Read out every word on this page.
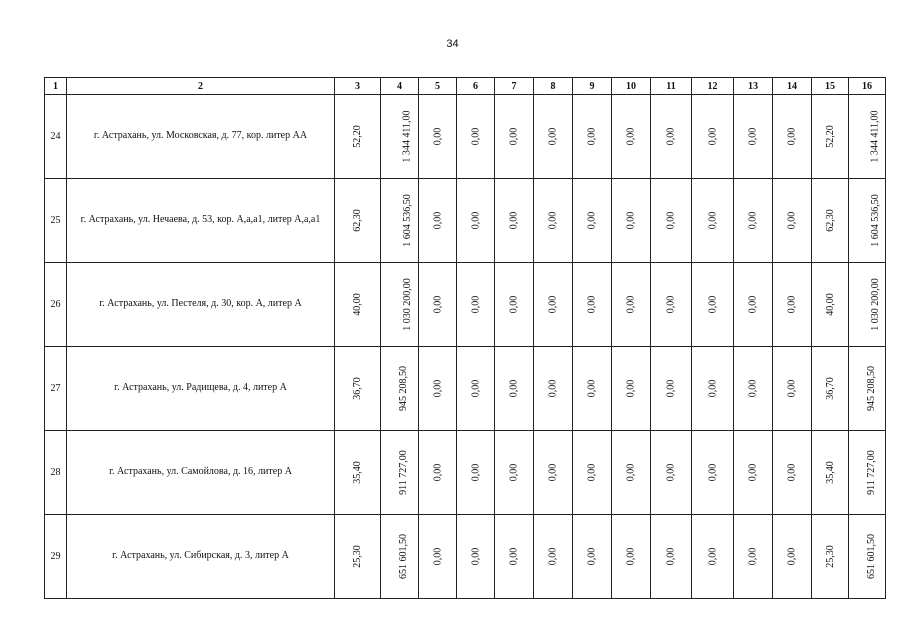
34
1	2	3	4	5	6	7	8	9	10	11	12	13	14	15	16
24	г. Астрахань, ул. Московская, д. 77, кор. литер АА	52,20	1 344 411,00	0,00	0,00	0,00	0,00	0,00	0,00	0,00	0,00	0,00	0,00	52,20	1 344 411,00
25	г. Астрахань, ул. Нечаева, д. 53, кор. А,а,а1, литер А,а,а1	62,30	1 604 536,50	0,00	0,00	0,00	0,00	0,00	0,00	0,00	0,00	0,00	0,00	62,30	1 604 536,50
26	г. Астрахань, ул. Пестеля, д. 30, кор. А, литер А	40,00	1 030 200,00	0,00	0,00	0,00	0,00	0,00	0,00	0,00	0,00	0,00	0,00	40,00	1 030 200,00
27	г. Астрахань, ул. Радищева, д. 4, литер А	36,70	945 208,50	0,00	0,00	0,00	0,00	0,00	0,00	0,00	0,00	0,00	0,00	36,70	945 208,50
28	г. Астрахань, ул. Самойлова, д. 16, литер А	35,40	911 727,00	0,00	0,00	0,00	0,00	0,00	0,00	0,00	0,00	0,00	0,00	35,40	911 727,00
29	г. Астрахань, ул. Сибирская, д. 3, литер А	25,30	651 601,50	0,00	0,00	0,00	0,00	0,00	0,00	0,00	0,00	0,00	0,00	25,30	651 601,50
